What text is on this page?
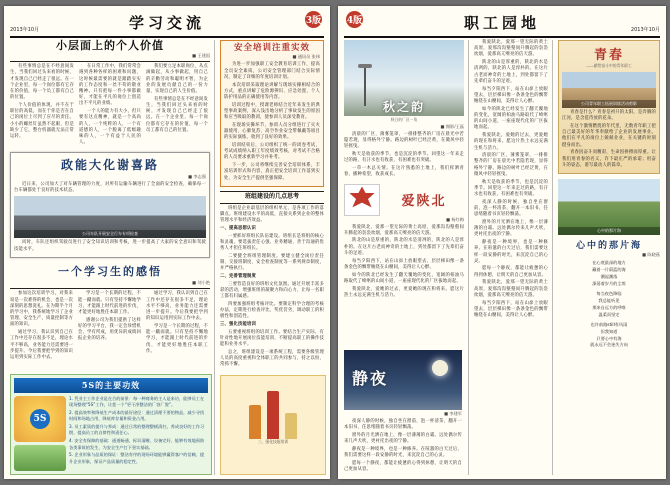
2013年10月	学习交流	3版
小层面上的个人价值
■ 王建国

有些事情总是在不经意间发生，当我们回过头来看的时候，才发现自己已经走了很远。在一个企业里，每一个岗位都有它存在的价值，每一个员工都有自己的位置。

个人价值的体现，并不在于职位的高低，而在于你是否在自己的岗位上尽到了应尽的责任。小小的螺丝钉虽然不起眼，但是缺少了它，整台机器就无法正常运转。

在日常工作中，我们常常会遇到各种各样的困难和问题，这时候最需要的就是踏踏实实的工作态度和一丝不苟的敬业精神。只有把每一件小事都做好，才能在平凡的岗位上创造出不平凡的业绩。

一个人的能力有大小，但只要有这点精神，就是一个高尚的人，一个纯粹的人，一个有道德的人，一个脱离了低级趣味的人，一个有益于人民的人。

我们要立足本职岗位，从点滴做起，从小事做起，用自己的辛勤劳动和聪明才智，为企业的发展贡献自己的一份力量，实现自己的人生价值。

有些事情总是在不经意间发生，当我们回过头来看的时候，才发现自己已经走了很远。在一个企业里，每一个岗位都有它存在的价值，每一个员工都有自己的位置。

政能大化谢喜路
■ 李志强

近日来，公司加大了对车辆管理的力度，对所有运输车辆进行了全面的安全检查，确保每一台车辆都处于良好的技术状态。

公司车队开展安全行车专项检查

同时，车队还组织驾驶员进行了安全知识培训和考核，进一步提高了大家的安全意识和驾驶技能水平。

一个学习生的感悟
■ 刘小艳

参加这次培训学习，对我来说是一次难得的机会，也是一次深刻的思想洗礼。在为期半个月的学习中，我系统地学习了企业管理、安全生产、质量控制等方面的知识。

通过学习，我认识到自己在工作中还存在很多不足，理论水平不够高，业务能力还需要进一步提升。今后我要把学到的知识运用到实际工作中去。

学习是一个长期的过程，不能一蹴而就。只有坚持不懈地学习，才能跟上时代前进的步伐，才能更好地胜任本职工作。

感谢公司为我们提供了这样好的学习平台，我一定会珍惜机会，学有所成，用优异的成绩回报企业的培养。

通过学习，我认识到自己在工作中还存在很多不足，理论水平不够高，业务能力还需要进一步提升。今后我要把学到的知识运用到实际工作中去。

学习是一个长期的过程，不能一蹴而就。只有坚持不懈地学习，才能跟上时代前进的步伐，才能更好地胜任本职工作。

5S的主要功效
5S
1. 凭业主工作企业是在合的前景：每一种商务的主人是来访，能够员工在现场整理“5S”工作，让您一个“更干净整洁的厂容厂貌”。
2. 提高效率和降低生产成本的最好途径：通过清理不要的物品，减少寻找时间和场地占用，降低库存量和资金占用。
3. 员工素质的提升与养成：通过日常的整理整顿清扫，养成良好的工作习惯，提高员工的自律性和责任心。
4. 安全有保障的基础：通道畅通、标识清晰、设备完好，能够有效地预防各类事故的发生，为安全生产打下坚实基础。
5. 企业形象与品质的保证：整洁有序的现场环境能够赢得客户的信赖，提升企业形象，保证产品质量的稳定性。
安全培训注重实效
■ 通讯员 张伟

为进一步加强职工安全教育培训工作，提高全员安全素质，公司安全管理部门结合实际情况，制定了详细的年度培训计划。

本次培训采取理论讲解与现场实操相结合的方式，重点讲解了危险源辨识、应急处置、个人防护用品的正确使用等内容。

培训过程中，授课老师结合近年来发生的典型事故案例，深入浅出地分析了事故发生的原因和应当吸取的教训，使参训人员深受教育。

在现场实操环节，参训人员分组进行了灭火器使用、心肺复苏、高空作业安全带佩戴等项目的实际演练，收到了良好的效果。

培训结束后，公司组织了统一的闭卷考试，考试成绩纳入职工年度绩效考核，对考试不合格的人员要求重新学习并补考。

下一步，公司将继续完善安全培训体系，丰富培训形式和内容，真正把安全培训工作落到实处，为安全生产提供坚强保障。

班组建设的几点思考

班组是企业最基层的组织单元，是各项工作的落脚点。班组建设水平的高低，直接关系到企业的整体管理水平和经济效益。

一、提高思想认识

一要抓好班组长队伍建设。班组长是班组的核心和灵魂，要选拔责任心强、业务精通、善于沟通的优秀人才担任班组长。

二要健全班组管理制度。要建立健全岗位责任制、交接班制度、安全检查制度等一系列规章制度，并严格执行。

二、完善管理制度

三要营造良好的班组文化氛围。通过开展丰富多彩的活动，增强班组的凝聚力和向心力，让每一名职工都有归属感。

四要加强班组考核评比。要制定科学合理的考核办法，定期进行检查评比，奖优罚劣，调动职工的积极性和创造性。

三、强化技能培训

五要重视班组的培训工作。要结合生产实际，有针对性地开展岗位技能培训，不断提高职工的操作技能和业务水平。

总之，班组建设是一项系统工程，需要各级管理人员的高度重视和全体职工的共同参与，持之以恒，常抓不懈。

三、强化技能培训
4版	职工园地	2013年10月
秋之韵
秋日的厂区一角
■ 摄影/王磊

清晨的厂区，薄雾笼罩，一排排整齐的厂房在晨光中若隐若现，显得格外宁静。路边的树叶已经泛黄，在微风中轻轻摇曳。

秋天是收获的季节，也是沉淀的季节。回望这一年来走过的路，有汗水也有收获，有困难也有突破。

一草一木总关情。在这片熟悉的土地上，我们挥洒青春，播种希望，收获成长。

爱陕北
■ 杨红梅

我爱陕北，爱那一望无际的黄土高原，爱那沟沟壑壑间升腾起的袅袅炊烟，爱那高亢嘹亮的信天游。

陕北的山是厚重的，陕北的水是清冽的，陕北的人是淳朴的。在这片古老而神奇的土地上，到处都留下了先辈们奋斗的足迹。

每当夕阳西下，站在山峁上放眼望去，层层梯田像一条条金色的飘带缠绕在山腰间，美得让人心醉。

如今的陕北已经发生了翻天覆地的变化，宽阔的柏油马路取代了崎岖的山间小道，一座座现代化的厂区拔地而起。

我爱陕北，爱她的过去，更爱她的现在和将来。愿这片热土永远充满生机与活力。

静夜
■ 李建军

夜深人静的时候，独自坐在窗前，泡一杯清茶，翻开一本旧书，任思绪随着书页轻轻飘荡。

窗外的月光洒在地上，像一层薄薄的白霜。远处偶尔传来几声犬吠，更衬托出夜的宁静。

静夜是一种境界，也是一种修养。在喧嚣的白天过后，我们需要这样一段安静的时光，来沉淀自己的心灵。

愿每一个静夜，都能让疲惫的心得到休憩，让明天的自己更加从容。

我爱陕北，爱那一望无际的黄土高原，爱那沟沟壑壑间升腾起的袅袅炊烟，爱那高亢嘹亮的信天游。

陕北的山是厚重的，陕北的水是清冽的，陕北的人是淳朴的。在这片古老而神奇的土地上，到处都留下了先辈们奋斗的足迹。

每当夕阳西下，站在山峁上放眼望去，层层梯田像一条条金色的飘带缠绕在山腰间，美得让人心醉。

如今的陕北已经发生了翻天覆地的变化，宽阔的柏油马路取代了崎岖的山间小道，一座座现代化的厂区拔地而起。

我爱陕北，爱她的过去，更爱她的现在和将来。愿这片热土永远充满生机与活力。

清晨的厂区，薄雾笼罩，一排排整齐的厂房在晨光中若隐若现，显得格外宁静。路边的树叶已经泛黄，在微风中轻轻摇曳。

秋天是收获的季节，也是沉淀的季节。回望这一年来走过的路，有汗水也有收获，有困难也有突破。

夜深人静的时候，独自坐在窗前，泡一杯清茶，翻开一本旧书，任思绪随着书页轻轻飘荡。

窗外的月光洒在地上，像一层薄薄的白霜。远处偶尔传来几声犬吠，更衬托出夜的宁静。

静夜是一种境界，也是一种修养。在喧嚣的白天过后，我们需要这样一段安静的时光，来沉淀自己的心灵。

愿每一个静夜，都能让疲惫的心得到休憩，让明天的自己更加从容。

我爱陕北，爱那一望无际的黄土高原，爱那沟沟壑壑间升腾起的袅袅炊烟，爱那高亢嘹亮的信天游。

每当夕阳西下，站在山峁上放眼望去，层层梯田像一条条金色的飘带缠绕在山腰间，美得让人心醉。

青春
——献给奋斗中的青年职工
公司青年职工拓展训练活动剪影

青春是什么？青春是初升的太阳，是奔腾的江河，是含苞待放的花朵。

在这个激情燃烧的年代里，无数青年职工把自己最美好的年华奉献给了企业的发展事业。他们在平凡的岗位上兢兢业业，在关键的时刻挺身而出。

青春因奋斗而精彩，生命因拼搏而厚重。让我们用青春的名义，许下最庄严的承诺；用奋斗的姿态，谱写最动人的篇章。

心中的那片海
心中的那片海
■ 陈晓燕
在心底最深的地方
藏着一片蔚蓝的海
潮起潮落
涤荡着岁月的尘埃
每当夜色降临
我总能听见
那来自远方的呼唤
温柔而坚定
也许前路still有风雨
但我知道
只要心中有海
就永远不会迷失方向
